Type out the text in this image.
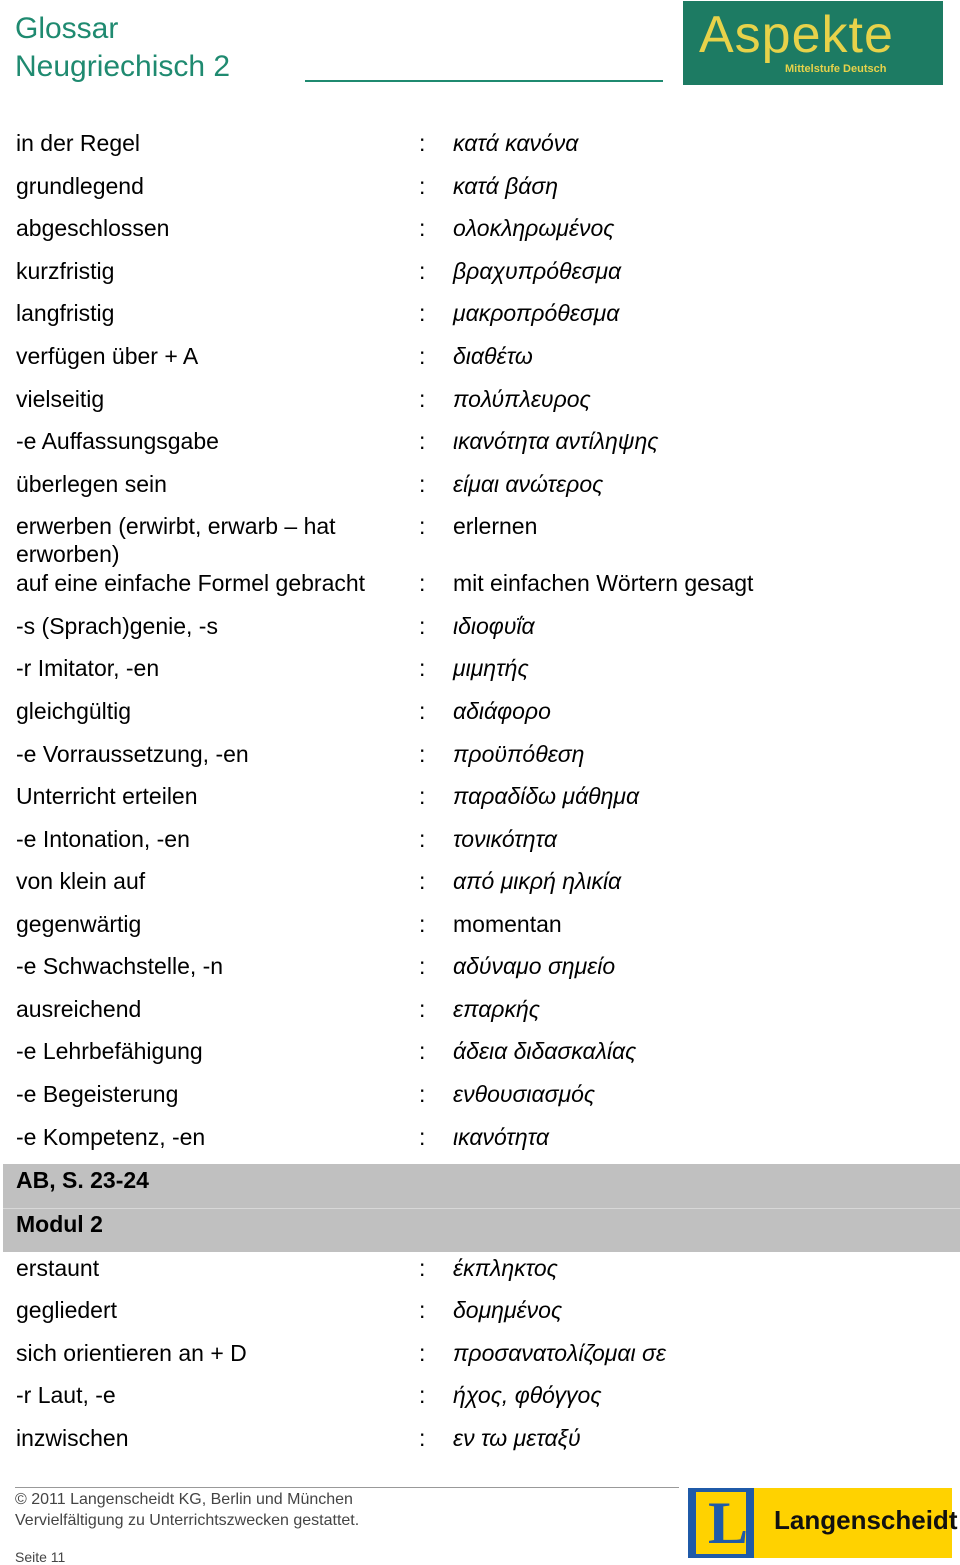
Glossar
Neugriechisch 2
Aspekte
Mittelstufe Deutsch
in der Regel	: κατά κανόνα
grundlegend	: κατά βάση
abgeschlossen	: ολοκληρωμένος
kurzfristig	: βραχυπρόθεσμα
langfristig	: μακροπρόθεσμα
verfügen über + A	: διαθέτω
vielseitig	: πολύπλευρος
-e Auffassungsgabe	: ικανότητα αντίληψης
überlegen sein	: είμαι ανώτερος
erwerben (erwirbt, erwarb – hat erworben)
: erlernen
auf eine einfache Formel gebracht	: mit einfachen Wörtern gesagt
-s (Sprach)genie, -s	: ιδιοφυΐα
-r Imitator, -en	: μιμητής
gleichgültig	: αδιάφορο
-e Vorraussetzung, -en	: προϋπόθεση
Unterricht erteilen	: παραδίδω μάθημα
-e Intonation, -en	: τονικότητα
von klein auf	: από μικρή ηλικία
gegenwärtig	: momentan
-e Schwachstelle, -n	: αδύναμο σημείο
ausreichend	: επαρκής
-e Lehrbefähigung	: άδεια διδασκαλίας
-e Begeisterung	: ενθουσιασμός
-e Kompetenz, -en	: ικανότητα
AB, S. 23-24
Modul 2
erstaunt	: έκπληκτος
gegliedert	: δομημένος
sich orientieren an + D	: προσανατολίζομαι σε
-r Laut, -e	: ήχος, φθόγγος
inzwischen	: εν τω μεταξύ
© 2011 Langenscheidt KG, Berlin und München
Vervielfältigung zu Unterrichtszwecken gestattet.
Seite 11
L Langenscheidt
